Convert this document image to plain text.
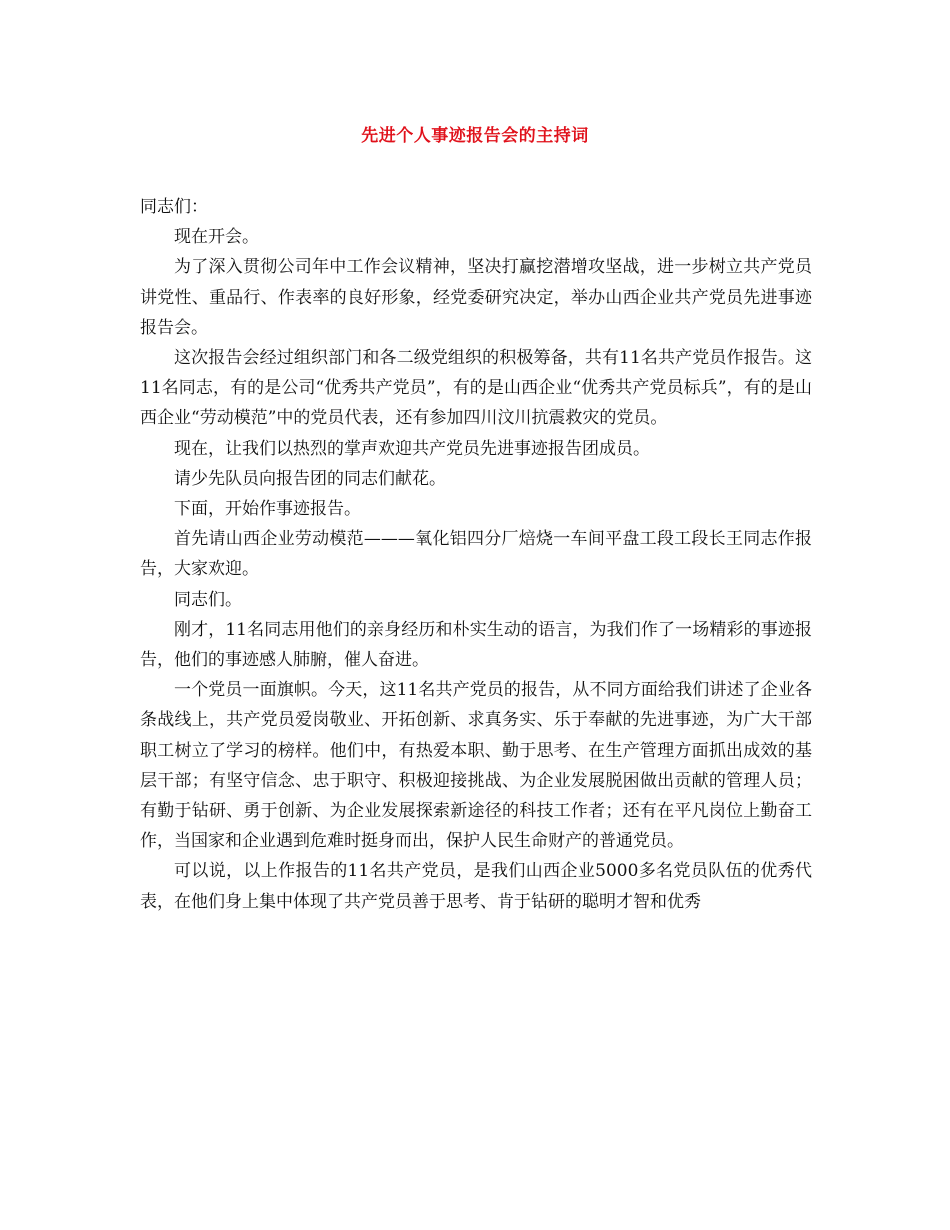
先进个人事迹报告会的主持词

同志们：

现在开会。

为了深入贯彻公司年中工作会议精神，坚决打赢挖潜增攻坚战，进一步树立共产党员讲党性、重品行、作表率的良好形象，经党委研究决定，举办山西企业共产党员先进事迹报告会。

这次报告会经过组织部门和各二级党组织的积极筹备，共有11名共产党员作报告。这11名同志，有的是公司“优秀共产党员”，有的是山西企业“优秀共产党员标兵”，有的是山西企业“劳动模范”中的党员代表，还有参加四川汶川抗震救灾的党员。

现在，让我们以热烈的掌声欢迎共产党员先进事迹报告团成员。

请少先队员向报告团的同志们献花。

下面，开始作事迹报告。

首先请山西企业劳动模范———氧化铝四分厂焙烧一车间平盘工段工段长王同志作报告，大家欢迎。

同志们。

刚才，11名同志用他们的亲身经历和朴实生动的语言，为我们作了一场精彩的事迹报告，他们的事迹感人肺腑，催人奋进。

一个党员一面旗帜。今天，这11名共产党员的报告，从不同方面给我们讲述了企业各条战线上，共产党员爱岗敬业、开拓创新、求真务实、乐于奉献的先进事迹，为广大干部职工树立了学习的榜样。他们中，有热爱本职、勤于思考、在生产管理方面抓出成效的基层干部；有坚守信念、忠于职守、积极迎接挑战、为企业发展脱困做出贡献的管理人员；有勤于钻研、勇于创新、为企业发展探索新途径的科技工作者；还有在平凡岗位上勤奋工作，当国家和企业遇到危难时挺身而出，保护人民生命财产的普通党员。

可以说，以上作报告的11名共产党员，是我们山西企业5000多名党员队伍的优秀代表，在他们身上集中体现了共产党员善于思考、肯于钻研的聪明才智和优秀
